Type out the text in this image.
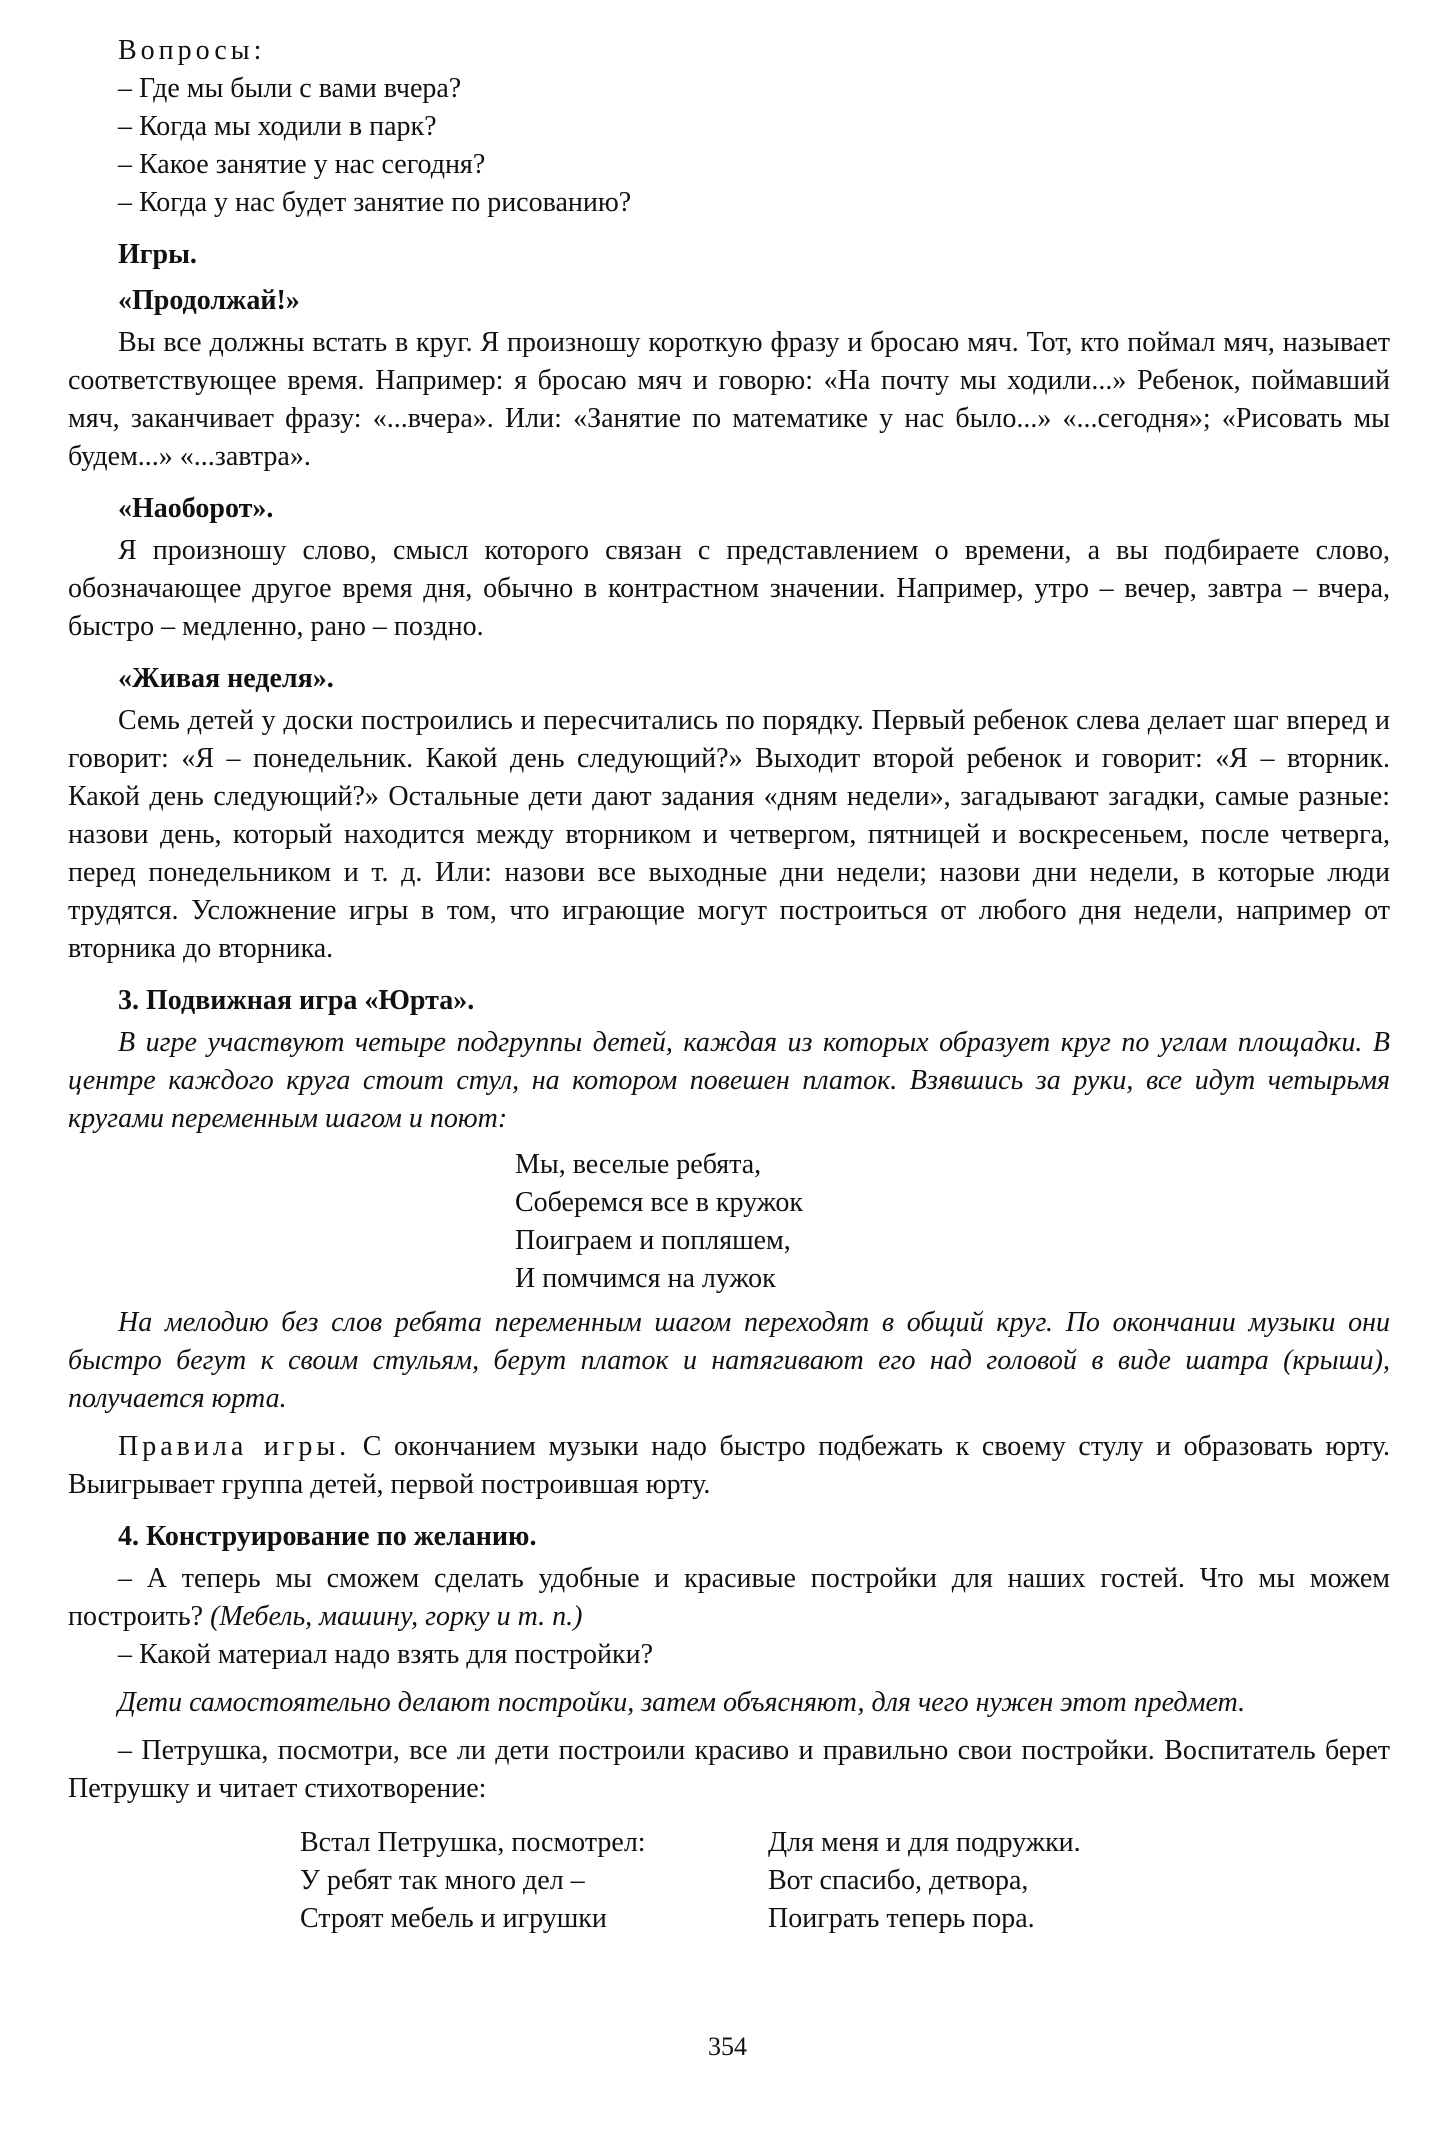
Вопросы:

– Где мы были с вами вчера?

– Когда мы ходили в парк?

– Какое занятие у нас сегодня?

– Когда у нас будет занятие по рисованию?

Игры.

«Продолжай!»

Вы все должны встать в круг. Я произношу короткую фразу и бросаю мяч. Тот, кто поймал мяч, называет соответствующее время. Например: я бросаю мяч и говорю: «На почту мы ходили...» Ребенок, поймавший мяч, заканчивает фразу: «...вчера». Или: «Занятие по математике у нас было...» «...сегодня»; «Рисовать мы будем...» «...завтра».

«Наоборот».

Я произношу слово, смысл которого связан с представлением о времени, а вы подбираете слово, обозначающее другое время дня, обычно в контрастном значении. Например, утро – вечер, завтра – вчера, быстро – медленно, рано – поздно.

«Живая неделя».

Семь детей у доски построились и пересчитались по порядку. Первый ребенок слева делает шаг вперед и говорит: «Я – понедельник. Какой день следующий?» Выходит второй ребенок и говорит: «Я – вторник. Какой день следующий?» Остальные дети дают задания «дням недели», загадывают загадки, самые разные: назови день, который находится между вторником и четвергом, пятницей и воскресеньем, после четверга, перед понедельником и т. д. Или: назови все выходные дни недели; назови дни недели, в которые люди трудятся. Усложнение игры в том, что играющие могут построиться от любого дня недели, например от вторника до вторника.

3. Подвижная игра «Юрта».

В игре участвуют четыре подгруппы детей, каждая из которых образует круг по углам площадки. В центре каждого круга стоит стул, на котором повешен платок. Взявшись за руки, все идут четырьмя кругами переменным шагом и поют:

Мы, веселые ребята,
Соберемся все в кружок
Поиграем и попляшем,
И помчимся на лужок

На мелодию без слов ребята переменным шагом переходят в общий круг. По окончании музыки они быстро бегут к своим стульям, берут платок и натягивают его над головой в виде шатра (крыши), получается юрта.

Правила игры. С окончанием музыки надо быстро подбежать к своему стулу и образовать юрту. Выигрывает группа детей, первой построившая юрту.

4. Конструирование по желанию.

– А теперь мы сможем сделать удобные и красивые постройки для наших гостей. Что мы можем построить? (Мебель, машину, горку и т. п.)

– Какой материал надо взять для постройки?

Дети самостоятельно делают постройки, затем объясняют, для чего нужен этот предмет.

– Петрушка, посмотри, все ли дети построили красиво и правильно свои постройки. Воспитатель берет Петрушку и читает стихотворение:

Встал Петрушка, посмотрел:
У ребят так много дел –
Строят мебель и игрушки
Для меня и для подружки.
Вот спасибо, детвора,
Поиграть теперь пора.
354
